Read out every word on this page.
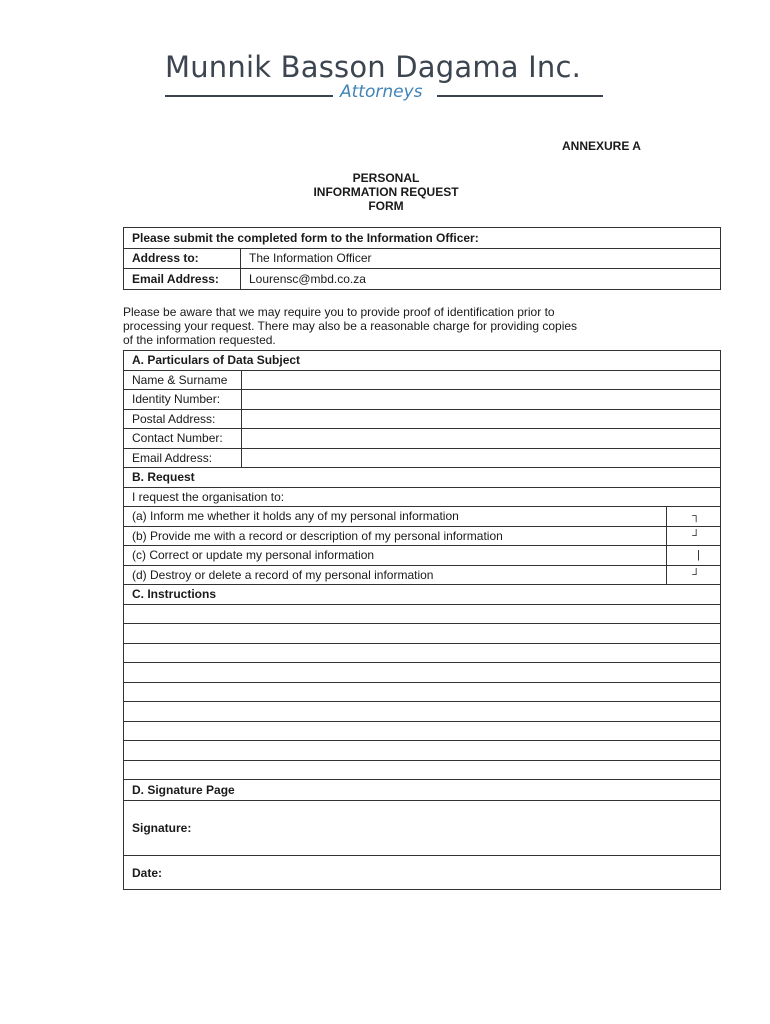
Munnik Basson Dagama Inc.
Attorneys
ANNEXURE A
PERSONAL
INFORMATION REQUEST
FORM
Please submit the completed form to the Information Officer:	
Address to:	The Information Officer
Email Address:	Lourensc@mbd.co.za
Please be aware that we may require you to provide proof of identification prior to
processing your request. There may also be a reasonable charge for providing copies
of the information requested.
A. Particulars of Data Subject		
Name & Surname		
Identity Number:		
Postal Address:		
Contact Number:		
Email Address:		
B. Request		
I request the organisation to:		
(a) Inform me whether it holds any of my personal information		┐
(b) Provide me with a record or description of my personal information		┘
(c) Correct or update my personal information		|
(d) Destroy or delete a record of my personal information		┘
C. Instructions		

D. Signature Page		
Signature:		
Date:		
